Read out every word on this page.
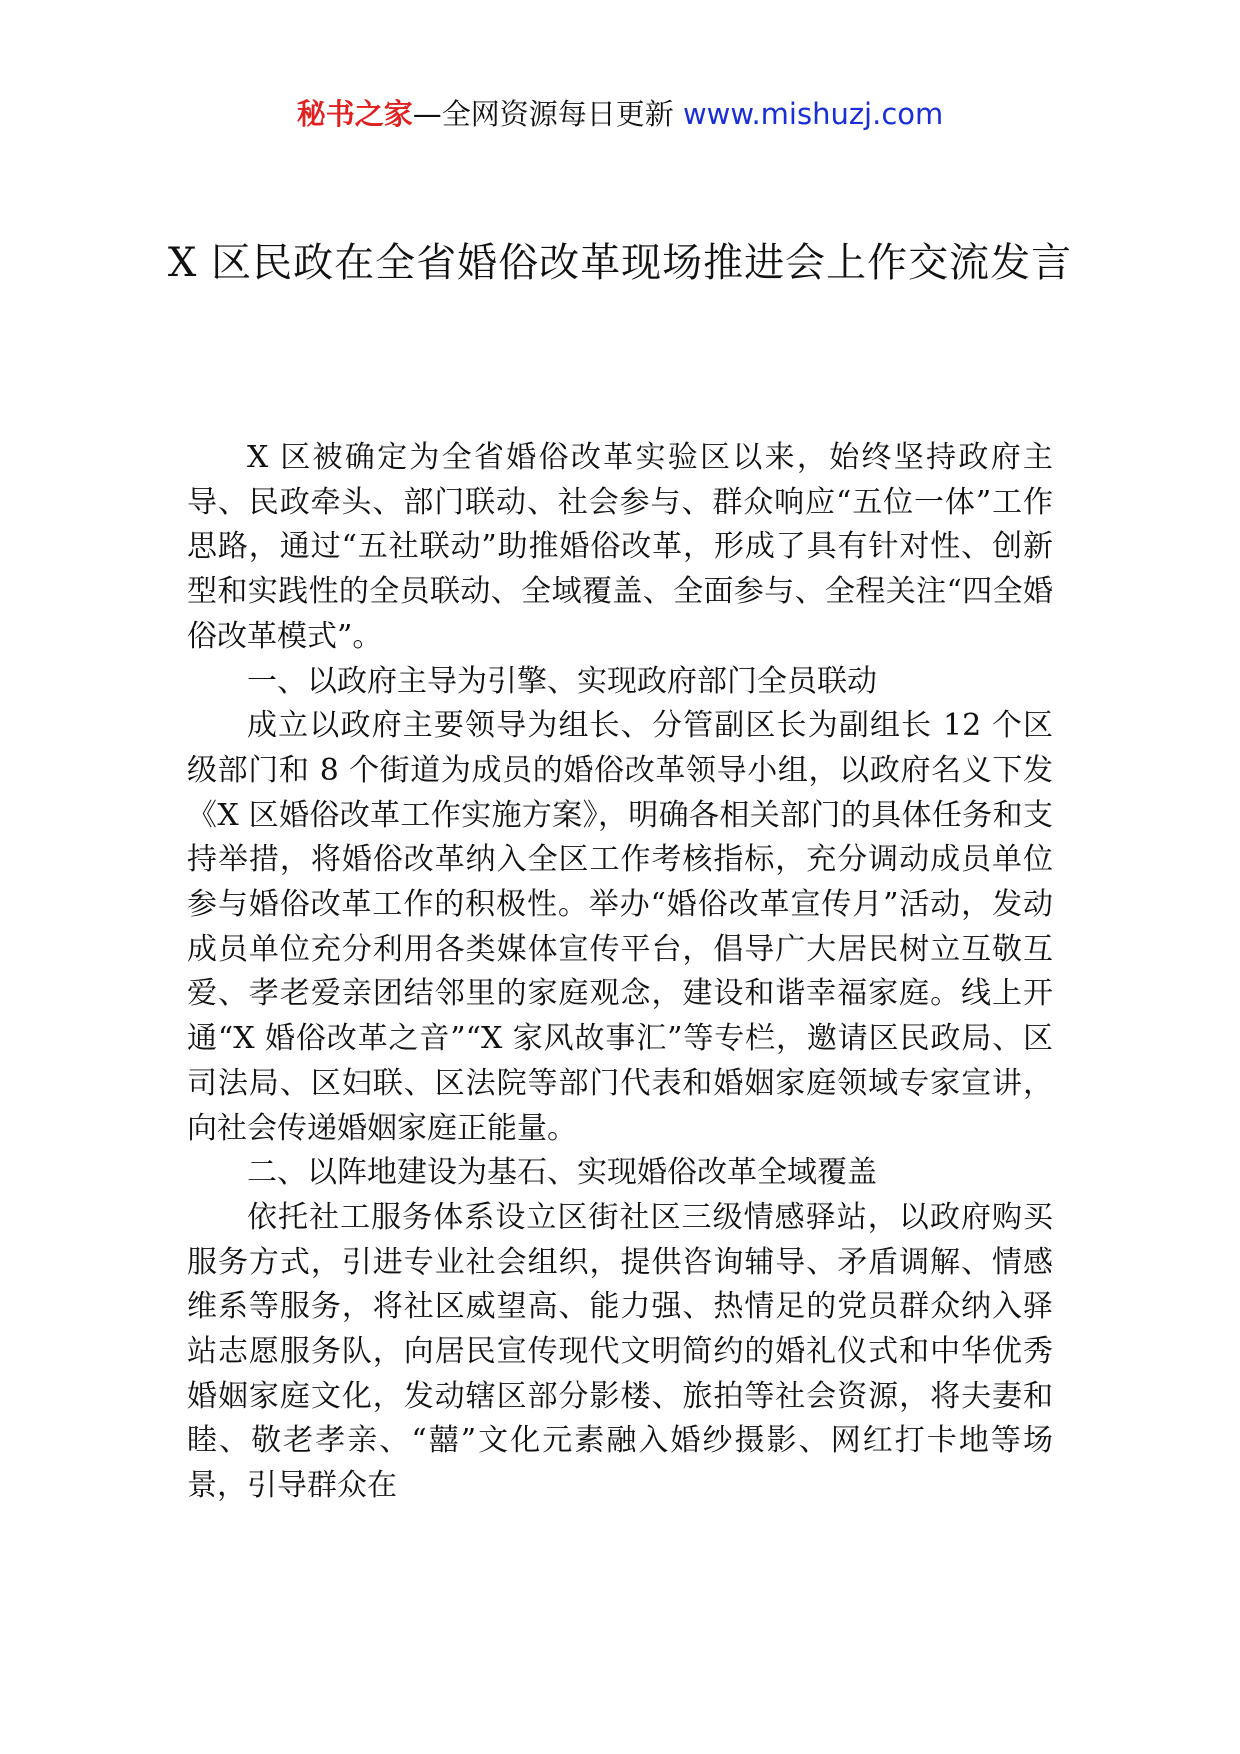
秘书之家—全网资源每日更新 www.mishuzj.com
X 区民政在全省婚俗改革现场推进会上作交流发言

X 区被确定为全省婚俗改革实验区以来，始终坚持政府主导、民政牵头、部门联动、社会参与、群众响应“五位一体”工作思路，通过“五社联动”助推婚俗改革，形成了具有针对性、创新型和实践性的全员联动、全域覆盖、全面参与、全程关注“四全婚俗改革模式”。

一、以政府主导为引擎、实现政府部门全员联动

成立以政府主要领导为组长、分管副区长为副组长 12 个区级部门和 8 个街道为成员的婚俗改革领导小组，以政府名义下发《X 区婚俗改革工作实施方案》，明确各相关部门的具体任务和支持举措，将婚俗改革纳入全区工作考核指标，充分调动成员单位参与婚俗改革工作的积极性。举办“婚俗改革宣传月”活动，发动成员单位充分利用各类媒体宣传平台，倡导广大居民树立互敬互爱、孝老爱亲团结邻里的家庭观念，建设和谐幸福家庭。线上开通“X 婚俗改革之音”“X 家风故事汇”等专栏，邀请区民政局、区司法局、区妇联、区法院等部门代表和婚姻家庭领域专家宣讲，向社会传递婚姻家庭正能量。

二、以阵地建设为基石、实现婚俗改革全域覆盖

依托社工服务体系设立区街社区三级情感驿站，以政府购买服务方式，引进专业社会组织，提供咨询辅导、矛盾调解、情感维系等服务，将社区威望高、能力强、热情足的党员群众纳入驿站志愿服务队，向居民宣传现代文明简约的婚礼仪式和中华优秀婚姻家庭文化，发动辖区部分影楼、旅拍等社会资源，将夫妻和睦、敬老孝亲、“囍”文化元素融入婚纱摄影、网红打卡地等场景，引导群众在
